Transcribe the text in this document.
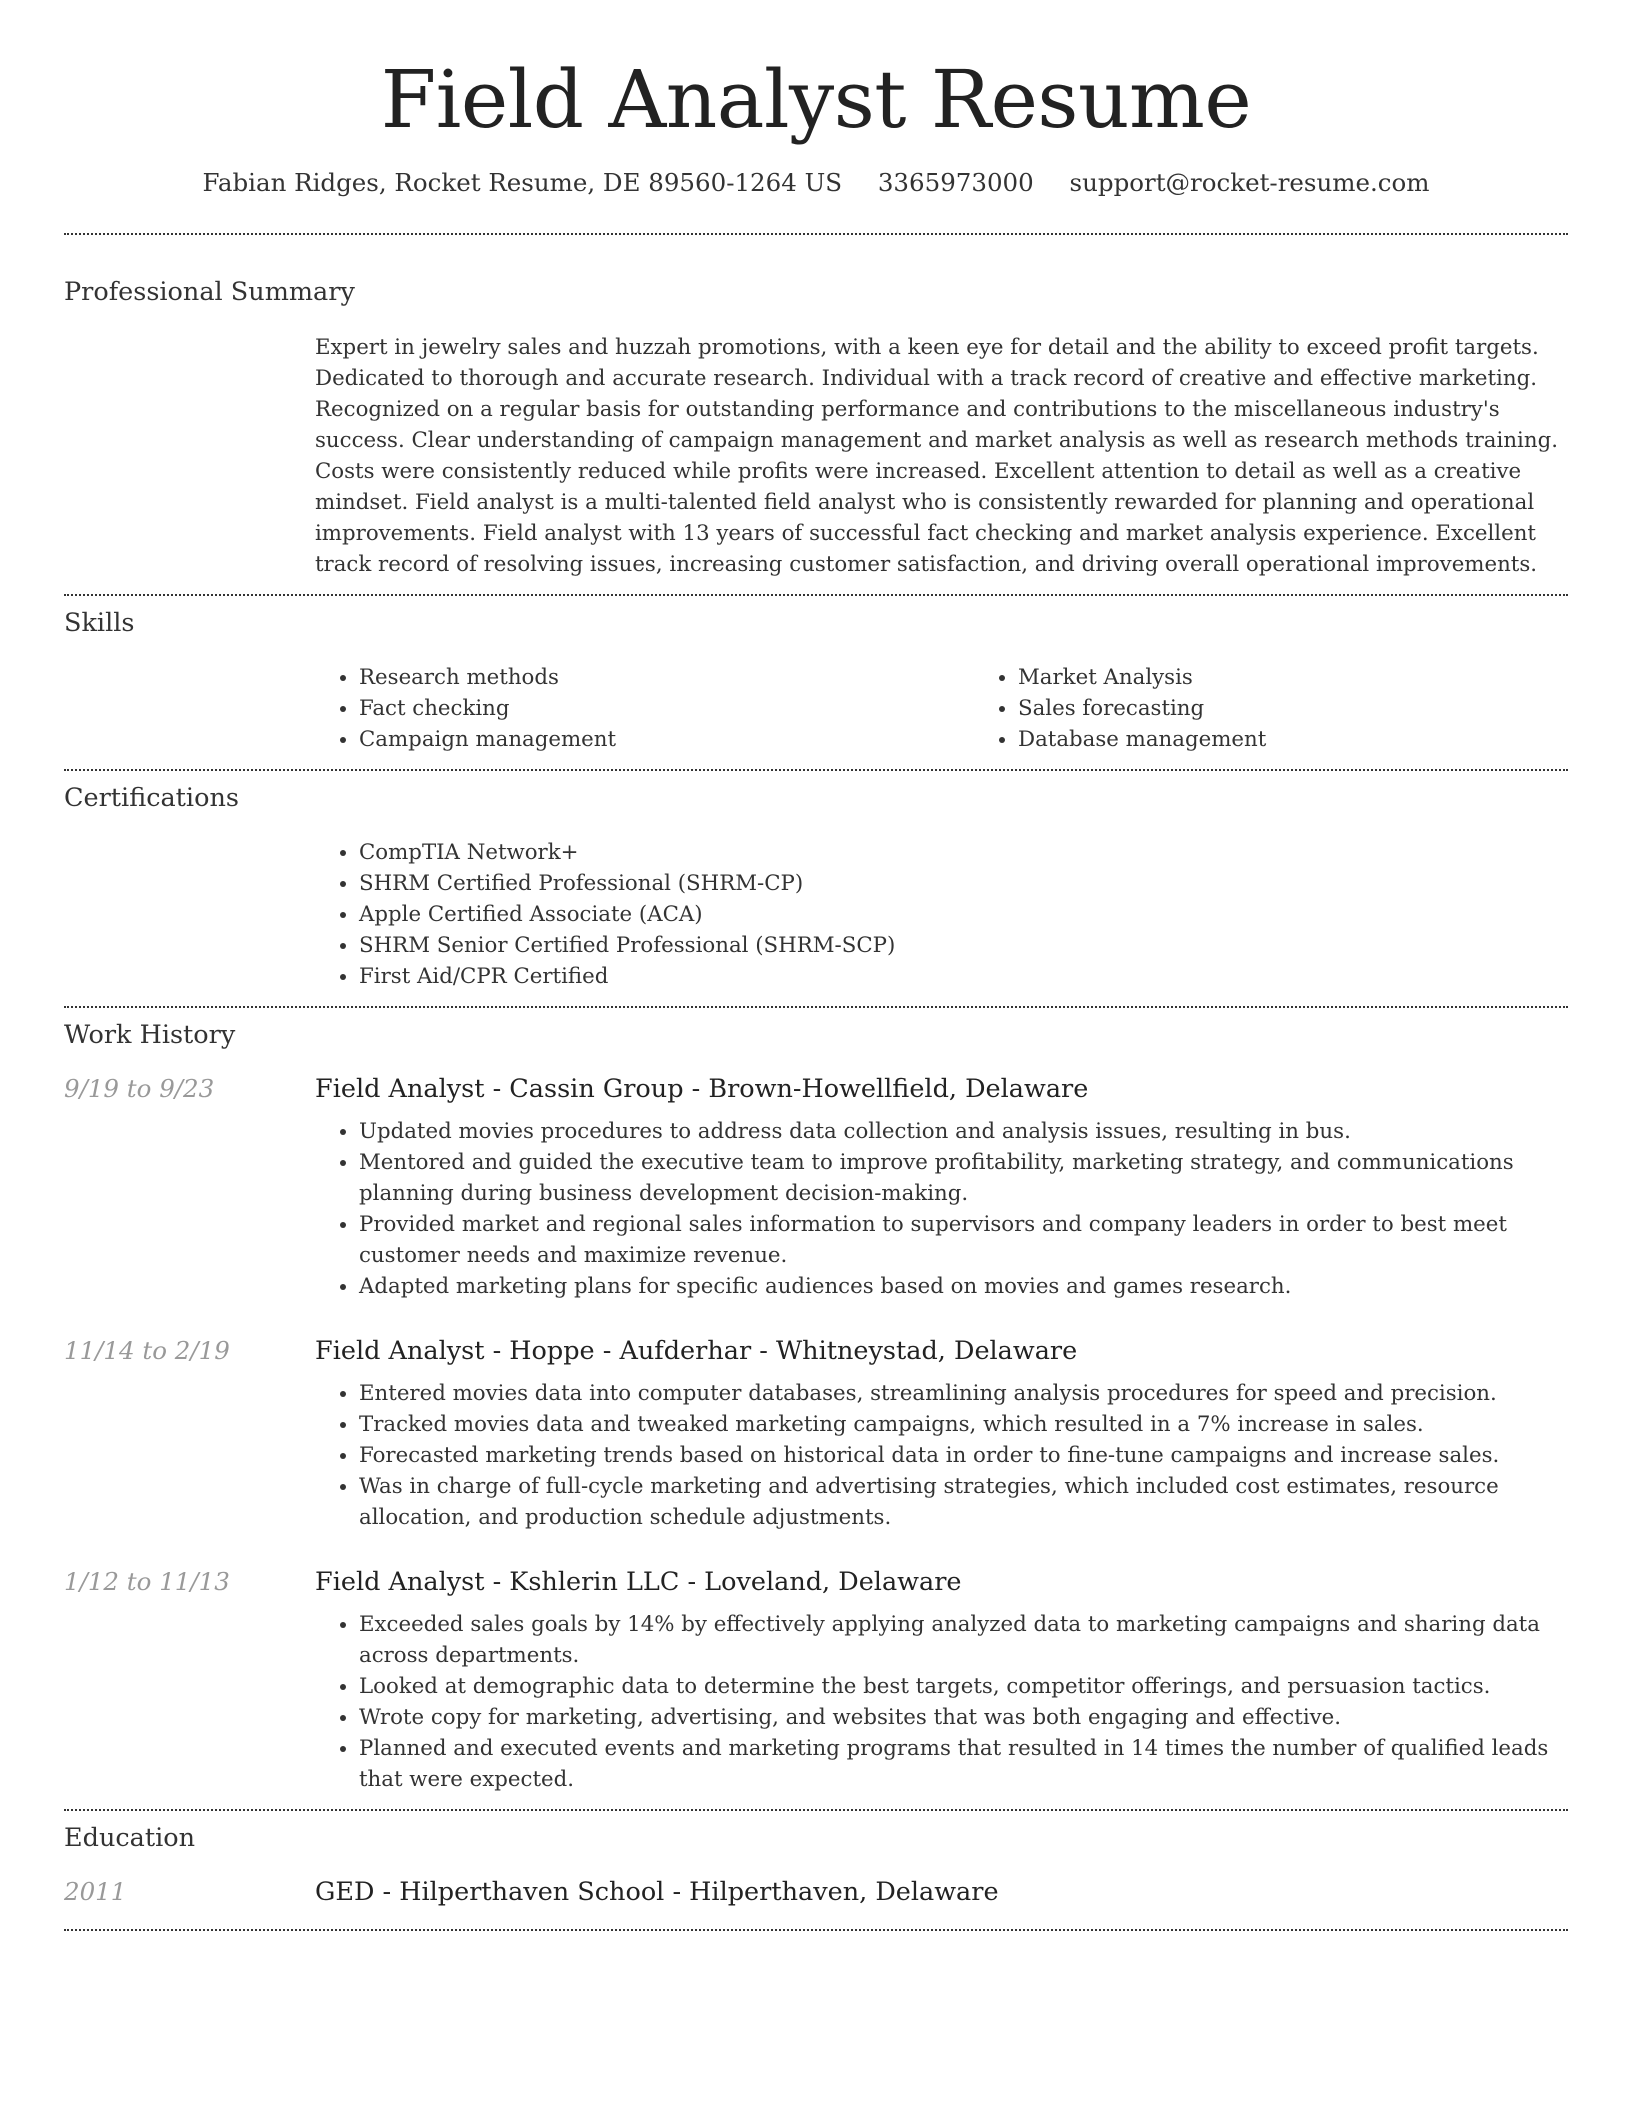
Field Analyst Resume
Fabian Ridges, Rocket Resume, DE 89560-1264 US 3365973000 support@rocket-resume.com
Professional Summary

Expert in jewelry sales and huzzah promotions, with a keen eye for detail and the ability to exceed profit targets. Dedicated to thorough and accurate research. Individual with a track record of creative and effective marketing. Recognized on a regular basis for outstanding performance and contributions to the miscellaneous industry's success. Clear understanding of campaign management and market analysis as well as research methods training. Costs were consistently reduced while profits were increased. Excellent attention to detail as well as a creative mindset. Field analyst is a multi-talented field analyst who is consistently rewarded for planning and operational improvements. Field analyst with 13 years of successful fact checking and market analysis experience. Excellent track record of resolving issues, increasing customer satisfaction, and driving overall operational improvements.

Skills
• Research methods
• Fact checking
• Campaign management
• Market Analysis
• Sales forecasting
• Database management
Certifications
• CompTIA Network+
• SHRM Certified Professional (SHRM-CP)
• Apple Certified Associate (ACA)
• SHRM Senior Certified Professional (SHRM-SCP)
• First Aid/CPR Certified
Work History
9/19 to 9/23	Field Analyst - Cassin Group - Brown-Howellfield, Delaware
• Updated movies procedures to address data collection and analysis issues, resulting in bus.
• Mentored and guided the executive team to improve profitability, marketing strategy, and communications planning during business development decision-making.
• Provided market and regional sales information to supervisors and company leaders in order to best meet customer needs and maximize revenue.
• Adapted marketing plans for specific audiences based on movies and games research.
11/14 to 2/19	Field Analyst - Hoppe - Aufderhar - Whitneystad, Delaware
• Entered movies data into computer databases, streamlining analysis procedures for speed and precision.
• Tracked movies data and tweaked marketing campaigns, which resulted in a 7% increase in sales.
• Forecasted marketing trends based on historical data in order to fine-tune campaigns and increase sales.
• Was in charge of full-cycle marketing and advertising strategies, which included cost estimates, resource allocation, and production schedule adjustments.
1/12 to 11/13	Field Analyst - Kshlerin LLC - Loveland, Delaware
• Exceeded sales goals by 14% by effectively applying analyzed data to marketing campaigns and sharing data across departments.
• Looked at demographic data to determine the best targets, competitor offerings, and persuasion tactics.
• Wrote copy for marketing, advertising, and websites that was both engaging and effective.
• Planned and executed events and marketing programs that resulted in 14 times the number of qualified leads that were expected.
Education
2011	GED - Hilperthaven School - Hilperthaven, Delaware
